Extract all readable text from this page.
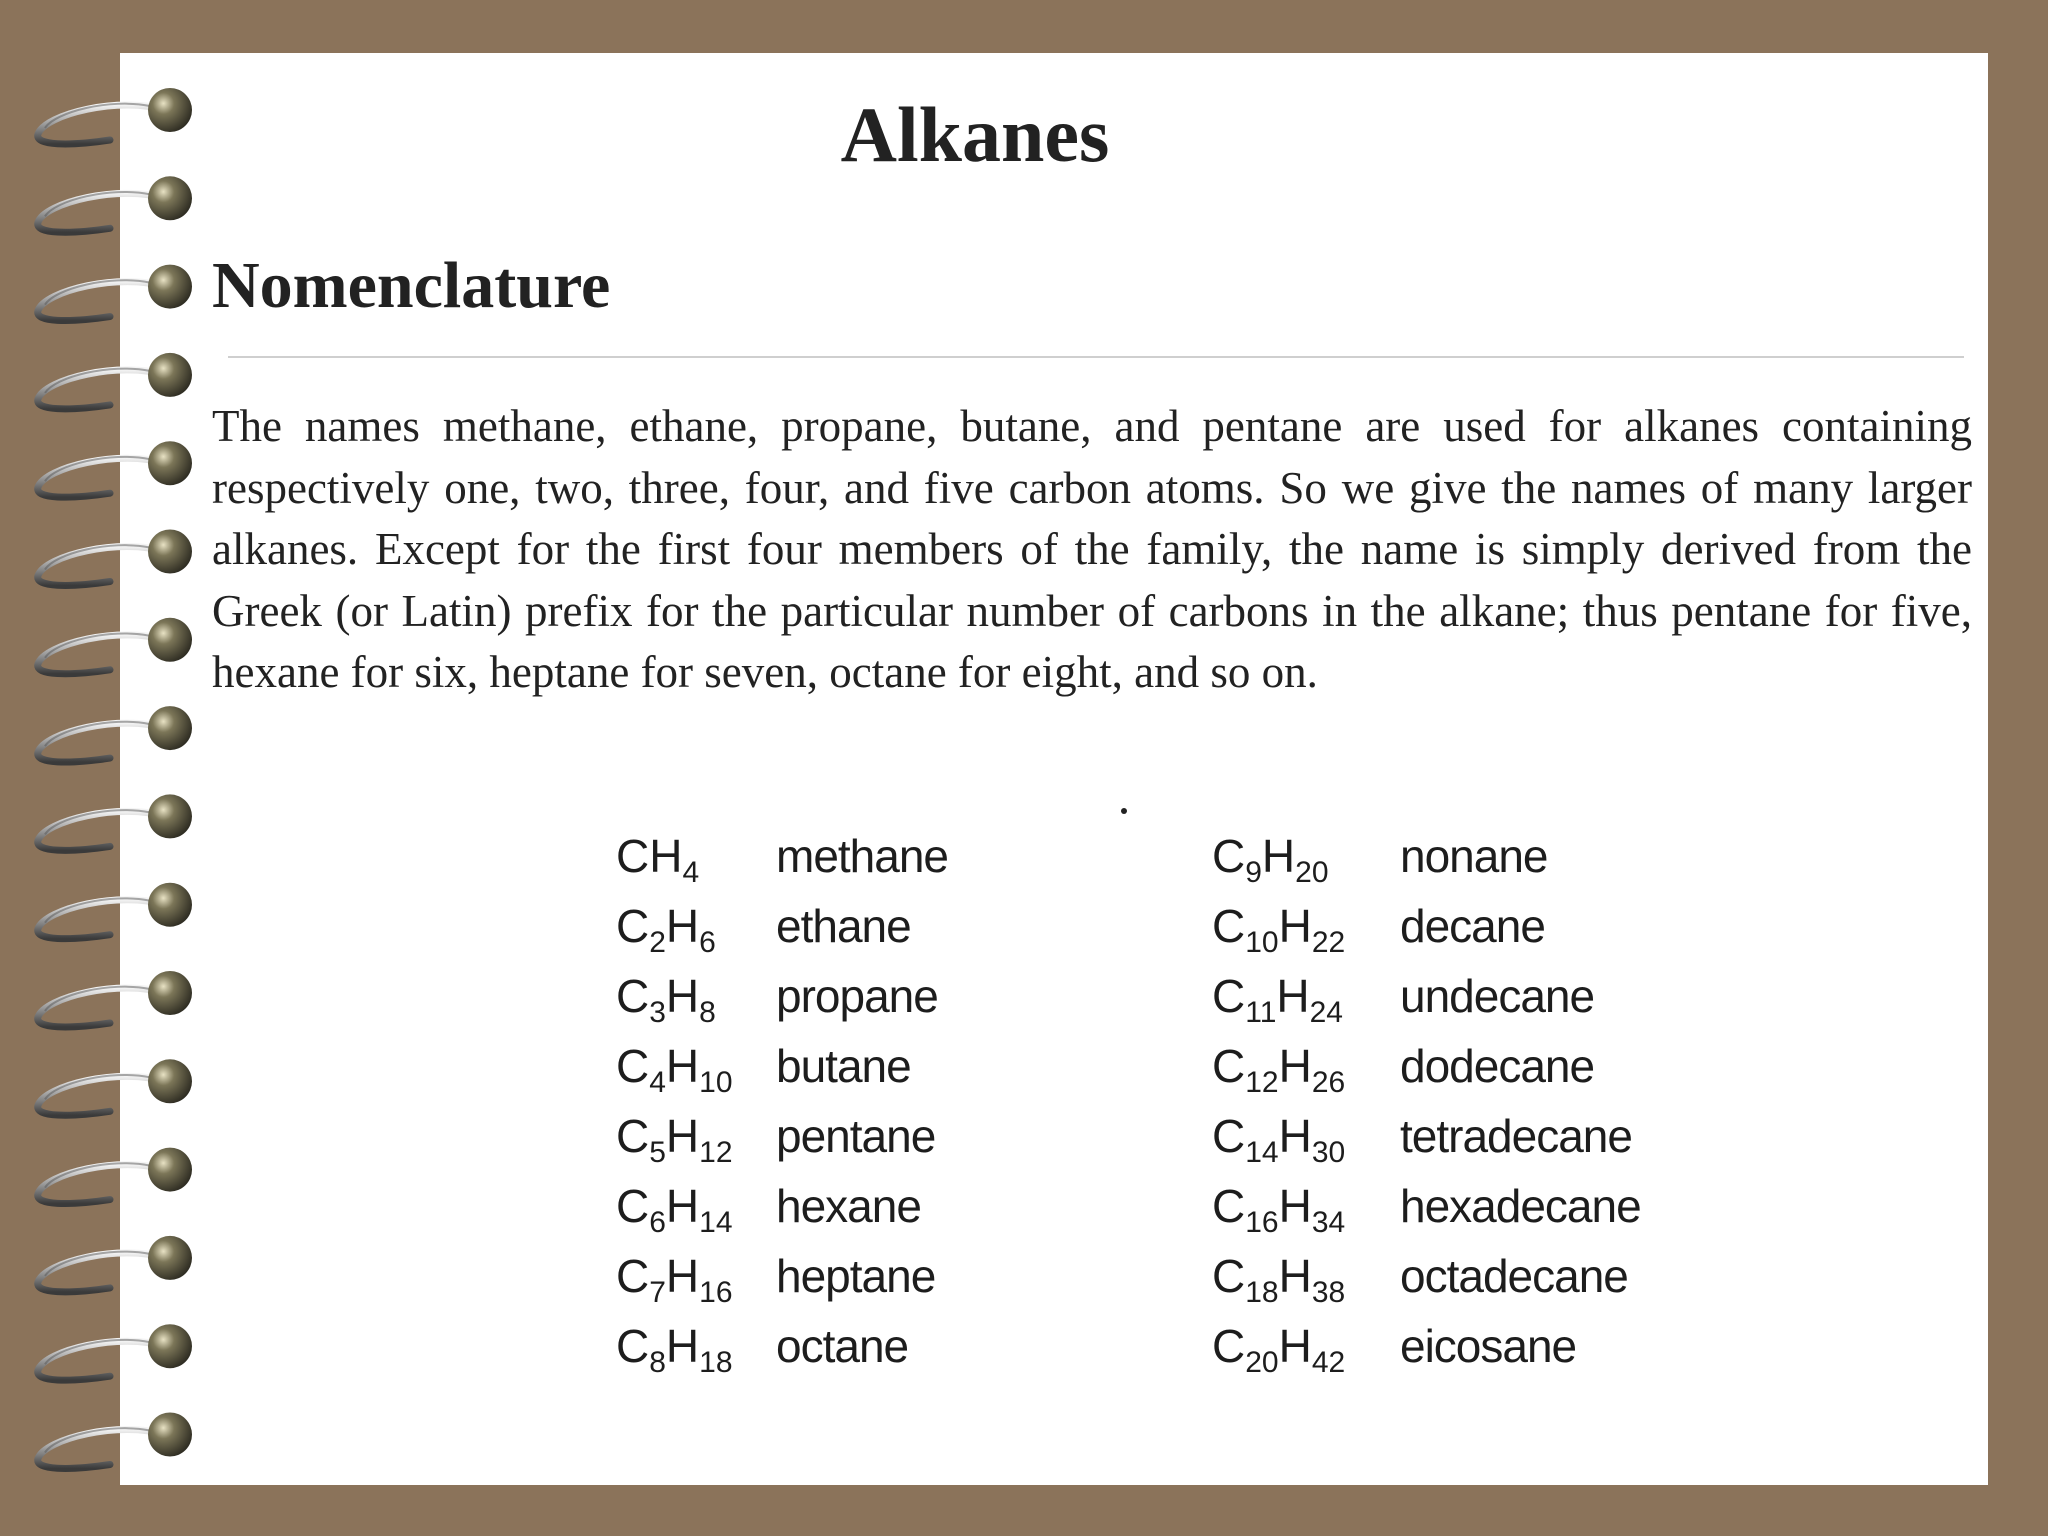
Alkanes
Nomenclature

The names methane, ethane, propane, butane, and pentane are used for alkanes containing respectively one, two, three, four, and five carbon atoms. So we give the names of many larger alkanes. Except for the first four members of the family, the name is simply derived from the Greek (or Latin) prefix for the particular number of carbons in the alkane; thus pentane for five, hexane for six, heptane for seven, octane for eight, and so on.

$CH_4$ methane
$C_2H_6$ ethane
$C_3H_8$ propane
$C_4H_{10}$ butane
$C_5H_{12}$ pentane
$C_6H_{14}$ hexane
$C_7H_{16}$ heptane
$C_8H_{18}$ octane
$C_9H_{20}$ nonane
$C_{10}H_{22}$ decane
$C_{11}H_{24}$ undecane
$C_{12}H_{26}$ dodecane
$C_{14}H_{30}$ tetradecane
$C_{16}H_{34}$ hexadecane
$C_{18}H_{38}$ octadecane
$C_{20}H_{42}$ eicosane
